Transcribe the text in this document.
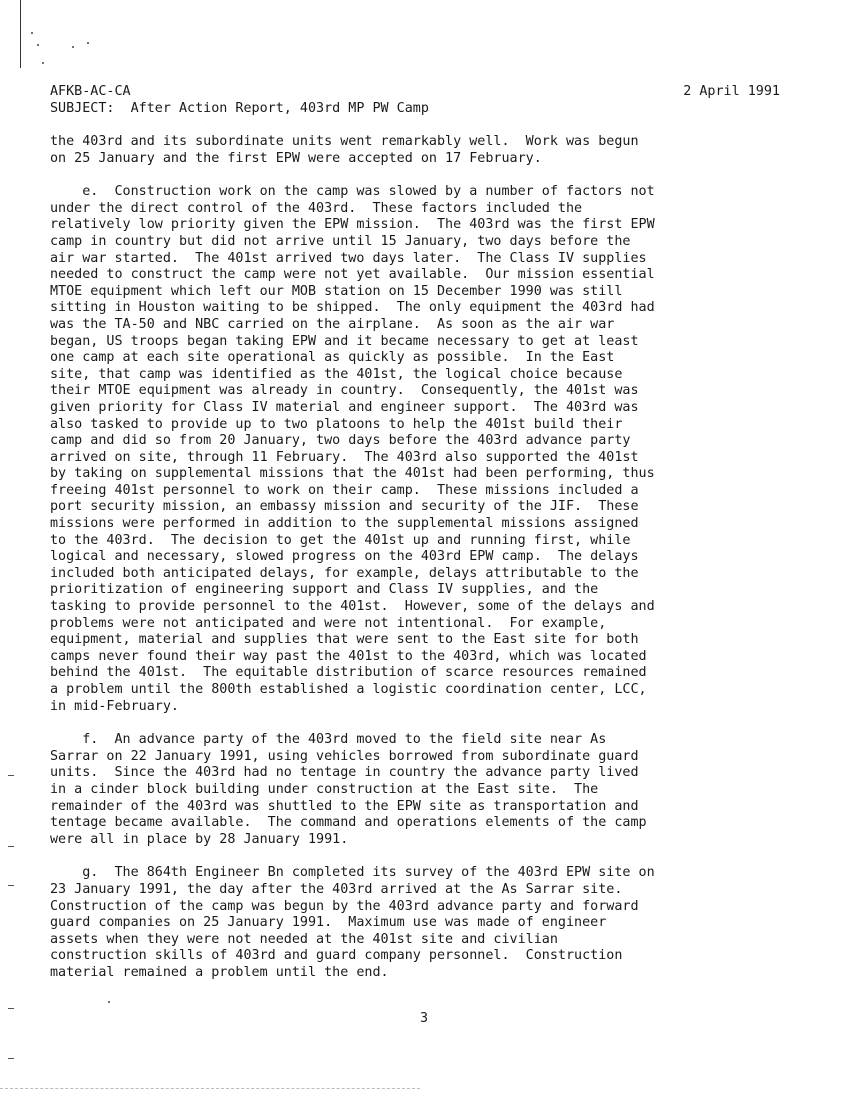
AFKB-AC-CA

	2 April 1991

SUBJECT:  After Action Report, 403rd MP PW Camp

the 403rd and its subordinate units went remarkably well.  Work was begun
on 25 January and the first EPW were accepted on 17 February.
e.  Construction work on the camp was slowed by a number of factors not
under the direct control of the 403rd.  These factors included the
relatively low priority given the EPW mission.  The 403rd was the first EPW
camp in country but did not arrive until 15 January, two days before the
air war started.  The 401st arrived two days later.  The Class IV supplies
needed to construct the camp were not yet available.  Our mission essential
MTOE equipment which left our MOB station on 15 December 1990 was still
sitting in Houston waiting to be shipped.  The only equipment the 403rd had
was the TA-50 and NBC carried on the airplane.  As soon as the air war
began, US troops began taking EPW and it became necessary to get at least
one camp at each site operational as quickly as possible.  In the East
site, that camp was identified as the 401st, the logical choice because
their MTOE equipment was already in country.  Consequently, the 401st was
given priority for Class IV material and engineer support.  The 403rd was
also tasked to provide up to two platoons to help the 401st build their
camp and did so from 20 January, two days before the 403rd advance party
arrived on site, through 11 February.  The 403rd also supported the 401st
by taking on supplemental missions that the 401st had been performing, thus
freeing 401st personnel to work on their camp.  These missions included a
port security mission, an embassy mission and security of the JIF.  These
missions were performed in addition to the supplemental missions assigned
to the 403rd.  The decision to get the 401st up and running first, while
logical and necessary, slowed progress on the 403rd EPW camp.  The delays
included both anticipated delays, for example, delays attributable to the
prioritization of engineering support and Class IV supplies, and the
tasking to provide personnel to the 401st.  However, some of the delays and
problems were not anticipated and were not intentional.  For example,
equipment, material and supplies that were sent to the East site for both
camps never found their way past the 401st to the 403rd, which was located
behind the 401st.  The equitable distribution of scarce resources remained
a problem until the 800th established a logistic coordination center, LCC,
in mid-February.
f.  An advance party of the 403rd moved to the field site near As
Sarrar on 22 January 1991, using vehicles borrowed from subordinate guard
units.  Since the 403rd had no tentage in country the advance party lived
in a cinder block building under construction at the East site.  The
remainder of the 403rd was shuttled to the EPW site as transportation and
tentage became available.  The command and operations elements of the camp
were all in place by 28 January 1991.
g.  The 864th Engineer Bn completed its survey of the 403rd EPW site on
23 January 1991, the day after the 403rd arrived at the As Sarrar site.
Construction of the camp was begun by the 403rd advance party and forward
guard companies on 25 January 1991.  Maximum use was made of engineer
assets when they were not needed at the 401st site and civilian
construction skills of 403rd and guard company personnel.  Construction
material remained a problem until the end.
3
